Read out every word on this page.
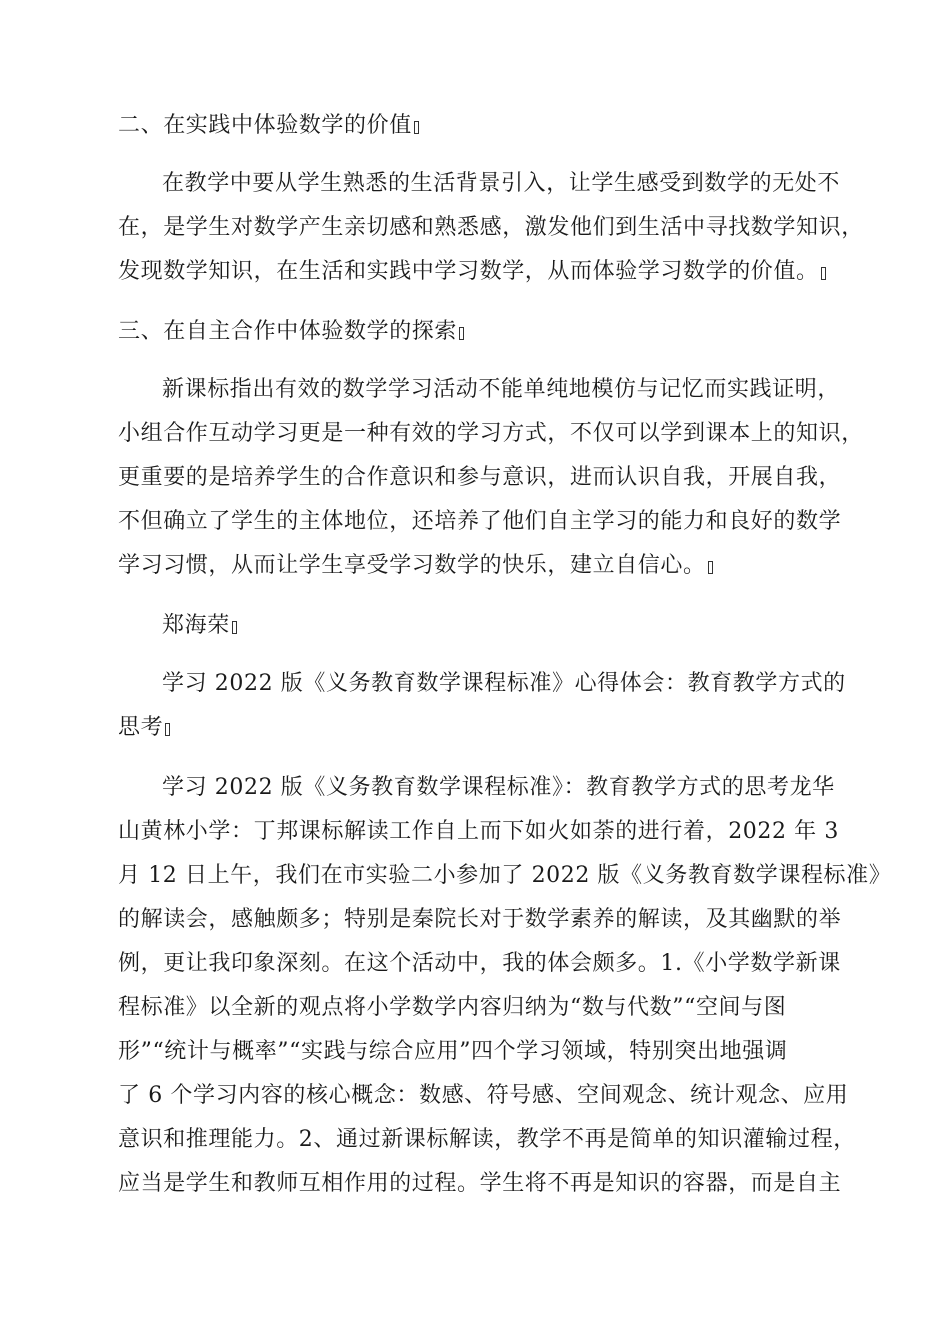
二、在实践中体验数学的价值
在教学中要从学生熟悉的生活背景引入，让学生感受到数学的无处不
在，是学生对数学产生亲切感和熟悉感，激发他们到生活中寻找数学知识，
发现数学知识，在生活和实践中学习数学，从而体验学习数学的价值。
三、在自主合作中体验数学的探索
新课标指出有效的数学学习活动不能单纯地模仿与记忆而实践证明，
小组合作互动学习更是一种有效的学习方式，不仅可以学到课本上的知识，
更重要的是培养学生的合作意识和参与意识，进而认识自我，开展自我，
不但确立了学生的主体地位，还培养了他们自主学习的能力和良好的数学
学习习惯，从而让学生享受学习数学的快乐，建立自信心。
郑海荣
学习 2022 版《义务教育数学课程标准》心得体会：教育教学方式的
思考
学习 2022 版《义务教育数学课程标准》：教育教学方式的思考龙华
山黄林小学：丁邦课标解读工作自上而下如火如荼的进行着，2022 年 3
月 12 日上午，我们在市实验二小参加了 2022 版《义务教育数学课程标准》
的解读会，感触颇多；特别是秦院长对于数学素养的解读，及其幽默的举
例，更让我印象深刻。在这个活动中，我的体会颇多。1.《小学数学新课
程标准》以全新的观点将小学数学内容归纳为“数与代数”“空间与图
形”“统计与概率”“实践与综合应用”四个学习领域，特别突出地强调
了 6 个学习内容的核心概念：数感、符号感、空间观念、统计观念、应用
意识和推理能力。2、通过新课标解读，教学不再是简单的知识灌输过程，
应当是学生和教师互相作用的过程。学生将不再是知识的容器，而是自主
